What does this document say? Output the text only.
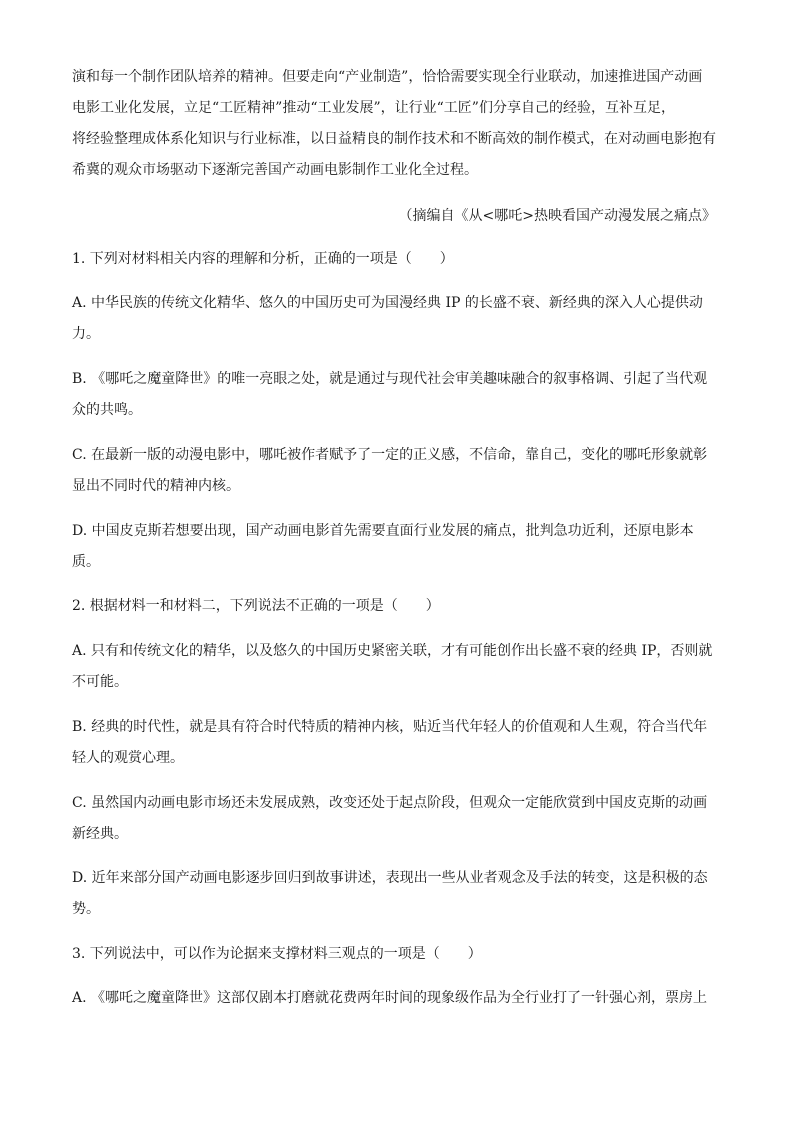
演和每一个制作团队培养的精神。但要走向“产业制造”，恰恰需要实现全行业联动，加速推进国产动画
电影工业化发展，立足“工匠精神”推动“工业发展”，让行业“工匠”们分享自己的经验，互补互足，
将经验整理成体系化知识与行业标准，以日益精良的制作技术和不断高效的制作模式，在对动画电影抱有
希冀的观众市场驱动下逐渐完善国产动画电影制作工业化全过程。
（摘编自《从<哪吒>热映看国产动漫发展之痛点》
1. 下列对材料相关内容的理解和分析，正确的一项是（　　）
A. 中华民族的传统文化精华、悠久的中国历史可为国漫经典 IP 的长盛不衰、新经典的深入人心提供动
力。
B. 《哪吒之魔童降世》的唯一亮眼之处，就是通过与现代社会审美趣味融合的叙事格调、引起了当代观
众的共鸣。
C. 在最新一版的动漫电影中，哪吒被作者赋予了一定的正义感，不信命，靠自己，变化的哪吒形象就彰
显出不同时代的精神内核。
D. 中国皮克斯若想要出现，国产动画电影首先需要直面行业发展的痛点，批判急功近利，还原电影本
质。
2. 根据材料一和材料二，下列说法不正确的一项是（　　）
A. 只有和传统文化的精华，以及悠久的中国历史紧密关联，才有可能创作出长盛不衰的经典 IP，否则就
不可能。
B. 经典的时代性，就是具有符合时代特质的精神内核，贴近当代年轻人的价值观和人生观，符合当代年
轻人的观赏心理。
C. 虽然国内动画电影市场还未发展成熟，改变还处于起点阶段，但观众一定能欣赏到中国皮克斯的动画
新经典。
D. 近年来部分国产动画电影逐步回归到故事讲述，表现出一些从业者观念及手法的转变，这是积极的态
势。
3. 下列说法中，可以作为论据来支撑材料三观点的一项是（　　）
A. 《哪吒之魔童降世》这部仅剧本打磨就花费两年时间的现象级作品为全行业打了一针强心剂，票房上
